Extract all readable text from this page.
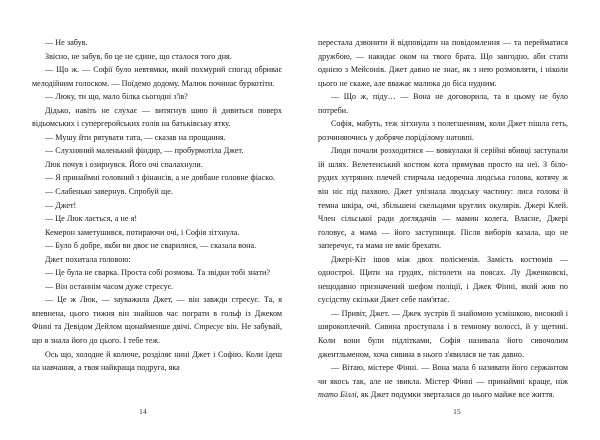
— Не забув.

Звісно, не забув, бо це не єдине, що сталося того дня.

— Що ж. — Софії було невтямки, який похмурий спогад обриває мелодійним голоском. — Поїдемо додому. Малюк починає буркотіти.

— Люку, ти що, мало білка сьогодні з'їв?

Дідько, навіть не слухає — витягнув шию й дивиться поверх відьомських і супергеройських голів на батьківську ятку.

— Мушу йти рятувати тата, — сказав на прощання.

— Слухняний маленький фіндир, — пробурмотіла Джет.

Люк почув і озирнувся. Його очі спалахнули.

— Я принаймні головний з фінансів, а не довбане головне фіаско.

— Слабенько завернув. Спробуй ще.

— Джет!

— Це Люк лається, а не я!

Кемерон заметушився, потираючи очі, і Софія зітхнула.

— Було б добре, якби ви двоє не сварилися, — сказала вона.

Джет похитала головою:

— Це була не сварка. Проста собі розмова. Та звідки тобі знати?

— Він останнім часом дуже стресує.

— Це ж Люк, — зауважила Джет, — він завжди стресує. Та, я впевнена, цього тижня він знайшов час пограти в гольф із Джеком Фінні та Девідом Дейлом щонайменше двічі. Стресує він. Не забувай, що я знала його до цього. І тебе теж.

Ось що, холодне й колюче, розділяє нині Джет і Софію. Коли їдеш на навчання, а твоя найкраща подруга, яка

14

перестала дзвонити й відповідати на повідомлення — та перейматися дружбою, — накидає оком на твого брата. Що завгодно, аби стати однією з Мейсонів. Джет давно не знає, як з нею розмовляти, і ніколи цього не скаже, але вважає малюка до біса нудним.

— Що ж, піду… — Вона не договорила, та в цьому не було потреби.

Софія, мабуть, теж зітхнула з полегшенням, коли Джет пішла геть, розчиняючись у добряче порідíлому натовпі.

Люди почали розходитися — вовкулаки й серійні вбивці заступали їй шлях. Велетенський костюм кота прямував просто на неї. З біло-рудих хутряних плечей стирчала недоречна людська голова, котячу ж він ніс під пахвою. Джет упізнала людську частину: лиса голова й темна шкіра, очі, збільшені скельцями круглих окулярів. Джері Клей. Член сільської ради доглядачів — мамин колега. Власне, Джері головує, а мама — його заступниця. Після виборів казала, що не заперечує, та мама не вміє брехати.

Джері-Кіт ішов між двох полісменів. Замість костюмів — однострої. Щити на грудях, пістолети на поясах. Лу Дженковскі, нещодавно призначений шефом поліції, і Джек Фінні, який жив по сусідству скільки Джет себе пам'ятає.

— Привіт, Джет. — Джек зустрів її знайомою усмішкою, високий і широкоплечий. Сивина проступала і в темному волоссі, й у щетині. Коли вони були підлітками, Софія називала його сивочолим джентльменом, хоча сивина в нього з'явилася не так давно.

— Вітаю, містере Фінні. — Вона мала б називати його сержантом чи якось так, але не звикла. Містер Фінні — принаймні краще, ніж тато Біллі, як Джет подумки зверталася до нього майже все життя.

15
